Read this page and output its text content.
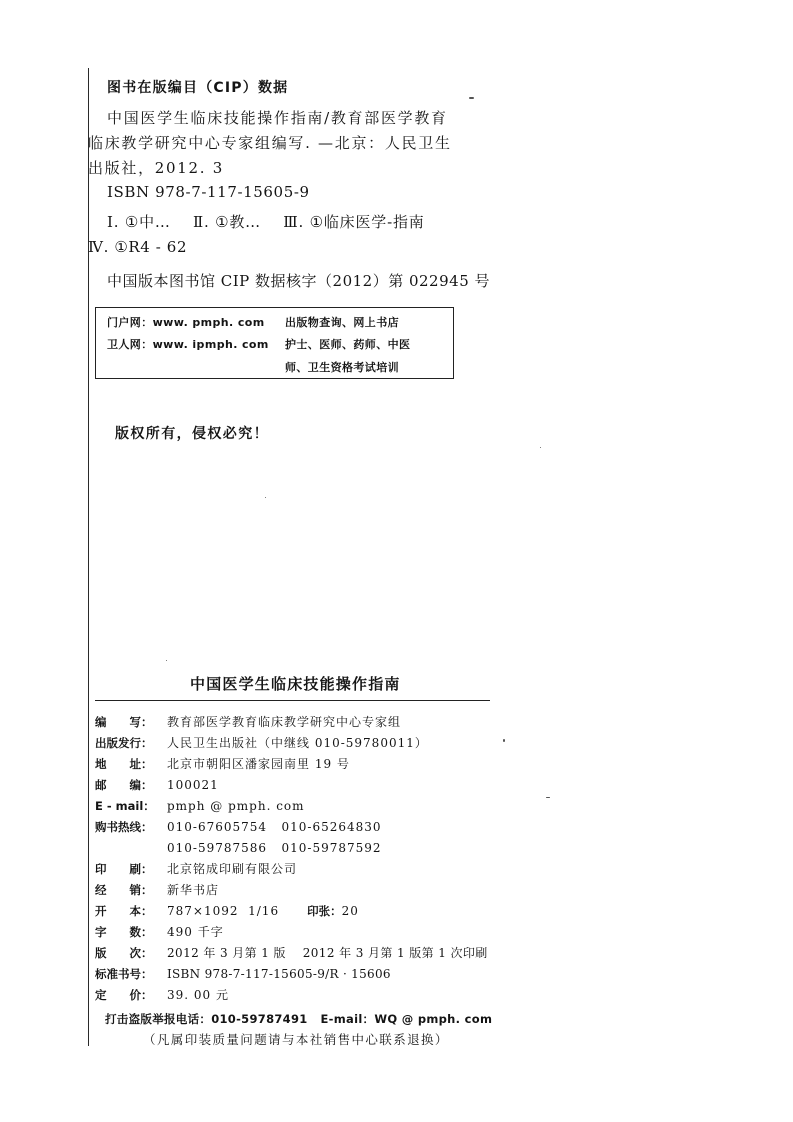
图书在版编目（CIP）数据
中国医学生临床技能操作指南/教育部医学教育
临床教学研究中心专家组编写. —北京：人民卫生
出版社，2012. 3
ISBN 978-7-117-15605-9
Ⅰ. ①中…    Ⅱ. ①教…    Ⅲ. ①临床医学-指南
Ⅳ. ①R4 - 62
中国版本图书馆 CIP 数据核字（2012）第 022945 号
门户网：www. pmph. com 出版物查询、网上书店
卫人网：www. ipmph. com 护士、医师、药师、中医
师、卫生资格考试培训
版权所有，侵权必究！
中国医学生临床技能操作指南
编　　写： 教育部医学教育临床教学研究中心专家组
出版发行： 人民卫生出版社（中继线 010-59780011）
地　　址： 北京市朝阳区潘家园南里 19 号
邮　　编： 100021
E - mail： pmph @ pmph. com
购书热线： 010-67605754   010-65264830
010-59787586   010-59787592
印　　刷： 北京铭成印刷有限公司
经　　销： 新华书店
开　　本： 787×1092  1/16 印张：20
字　　数： 490 千字
版　　次： 2012 年 3 月第 1 版    2012 年 3 月第 1 版第 1 次印刷
标准书号： ISBN 978-7-117-15605-9/R · 15606
定　　价： 39. 00 元
打击盗版举报电话：010-59787491   E-mail：WQ @ pmph. com
（凡属印装质量问题请与本社销售中心联系退换）
